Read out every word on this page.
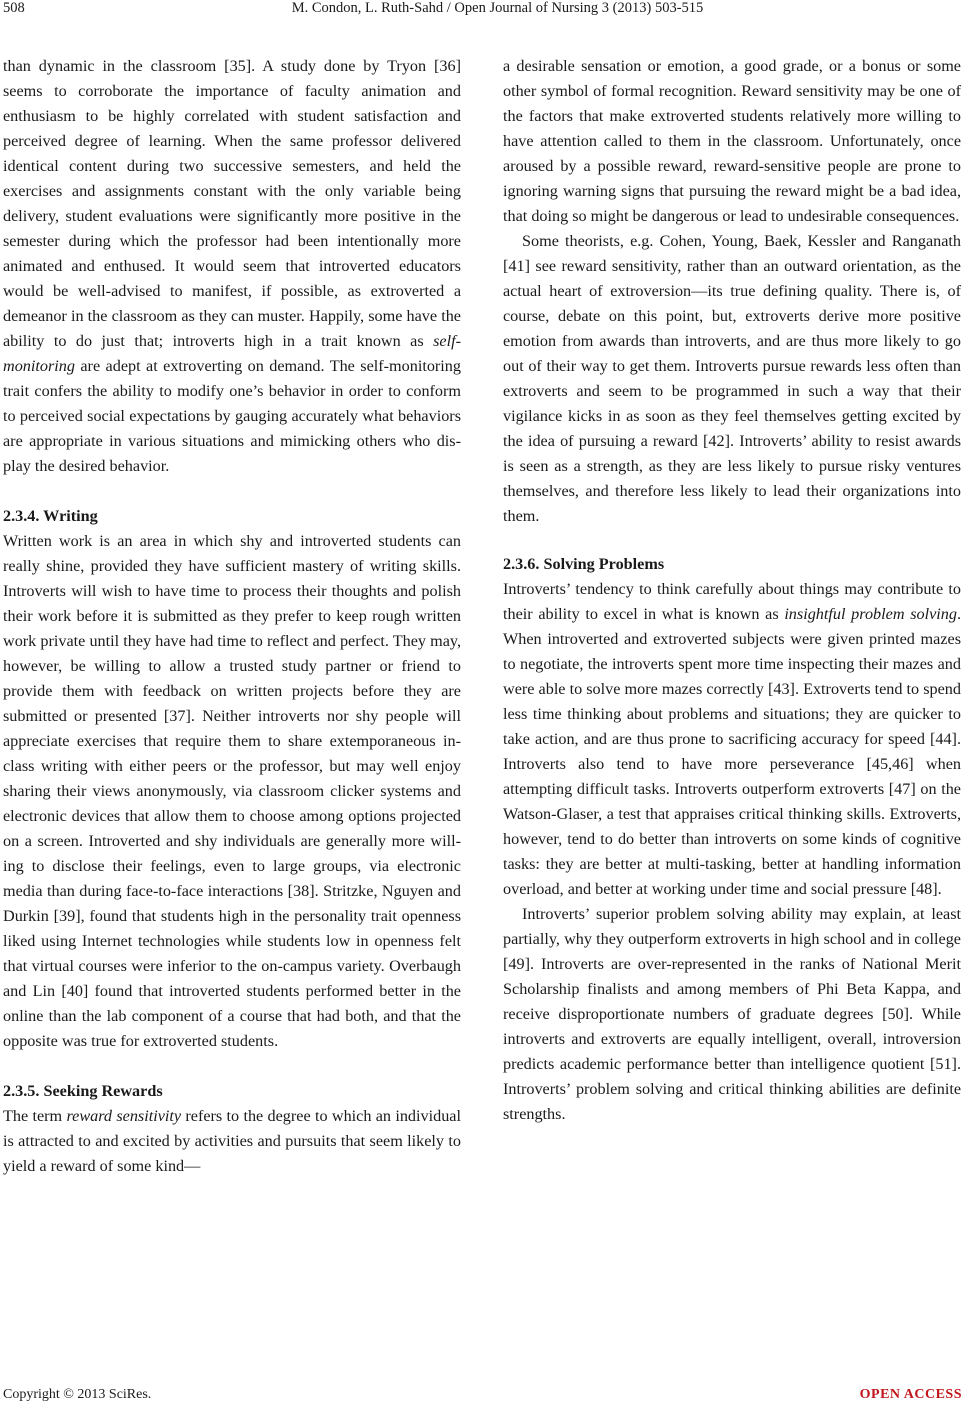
508	M. Condon, L. Ruth-Sahd / Open Journal of Nursing 3 (2013) 503-515

than dynamic in the classroom [35]. A study done by Tryon [36] seems to corroborate the importance of faculty animation and enthusiasm to be highly correlated with student satisfaction and perceived degree of learning. When the same professor delivered identical content during two successive semesters, and held the exercises and assignments constant with the only variable being delivery, student evaluations were significantly more positive in the semester during which the professor had been intentionally more animated and enthused. It would seem that introverted educators would be well-advised to manifest, if possible, as extroverted a demeanor in the classroom as they can muster. Happily, some have the ability to do just that; introverts high in a trait known as self-monitoring are adept at extroverting on demand. The self-monitoring trait confers the ability to modify one’s behavior in order to conform to perceived social expectations by gauging accurately what behaviors are appropriate in various situations and mimicking others who display the desired behavior.

2.3.4. Writing

Written work is an area in which shy and introverted students can really shine, provided they have sufficient mastery of writing skills. Introverts will wish to have time to process their thoughts and polish their work before it is submitted as they prefer to keep rough written work private until they have had time to reflect and perfect. They may, however, be willing to allow a trusted study partner or friend to provide them with feedback on written projects before they are submitted or presented [37]. Neither introverts nor shy people will appreciate exercises that require them to share extemporaneous in-class writing with either peers or the professor, but may well enjoy sharing their views anonymously, via classroom clicker systems and electronic devices that allow them to choose among options projected on a screen. Introverted and shy individuals are generally more willing to disclose their feelings, even to large groups, via electronic media than during face-to-face interactions [38]. Stritzke, Nguyen and Durkin [39], found that students high in the personality trait openness liked using Internet technologies while students low in openness felt that virtual courses were inferior to the on-campus variety. Overbaugh and Lin [40] found that introverted students performed better in the online than the lab component of a course that had both, and that the opposite was true for extroverted students.

2.3.5. Seeking Rewards

The term reward sensitivity refers to the degree to which an individual is attracted to and excited by activities and pursuits that seem likely to yield a reward of some kind—

a desirable sensation or emotion, a good grade, or a bonus or some other symbol of formal recognition. Reward sensitivity may be one of the factors that make extroverted students relatively more willing to have attention called to them in the classroom. Unfortunately, once aroused by a possible reward, reward-sensitive people are prone to ignoring warning signs that pursuing the reward might be a bad idea, that doing so might be dangerous or lead to undesirable consequences.

Some theorists, e.g. Cohen, Young, Baek, Kessler and Ranganath [41] see reward sensitivity, rather than an outward orientation, as the actual heart of extroversion—its true defining quality. There is, of course, debate on this point, but, extroverts derive more positive emotion from awards than introverts, and are thus more likely to go out of their way to get them. Introverts pursue rewards less often than extroverts and seem to be programmed in such a way that their vigilance kicks in as soon as they feel themselves getting excited by the idea of pursuing a reward [42]. Introverts’ ability to resist awards is seen as a strength, as they are less likely to pursue risky ventures themselves, and therefore less likely to lead their organizations into them.

2.3.6. Solving Problems

Introverts’ tendency to think carefully about things may contribute to their ability to excel in what is known as insightful problem solving. When introverted and extroverted subjects were given printed mazes to negotiate, the introverts spent more time inspecting their mazes and were able to solve more mazes correctly [43]. Extroverts tend to spend less time thinking about problems and situations; they are quicker to take action, and are thus prone to sacrificing accuracy for speed [44]. Introverts also tend to have more perseverance [45,46] when attempting difficult tasks. Introverts outperform extroverts [47] on the Watson-Glaser, a test that appraises critical thinking skills. Extroverts, however, tend to do better than introverts on some kinds of cognitive tasks: they are better at multi-tasking, better at handling information overload, and better at working under time and social pressure [48].

Introverts’ superior problem solving ability may explain, at least partially, why they outperform extroverts in high school and in college [49]. Introverts are over-represented in the ranks of National Merit Scholarship finalists and among members of Phi Beta Kappa, and receive disproportionate numbers of graduate degrees [50]. While introverts and extroverts are equally intelligent, overall, introversion predicts academic performance better than intelligence quotient [51]. Introverts’ problem solving and critical thinking abilities are definite strengths.

Copyright © 2013 SciRes.	OPEN ACCESS
